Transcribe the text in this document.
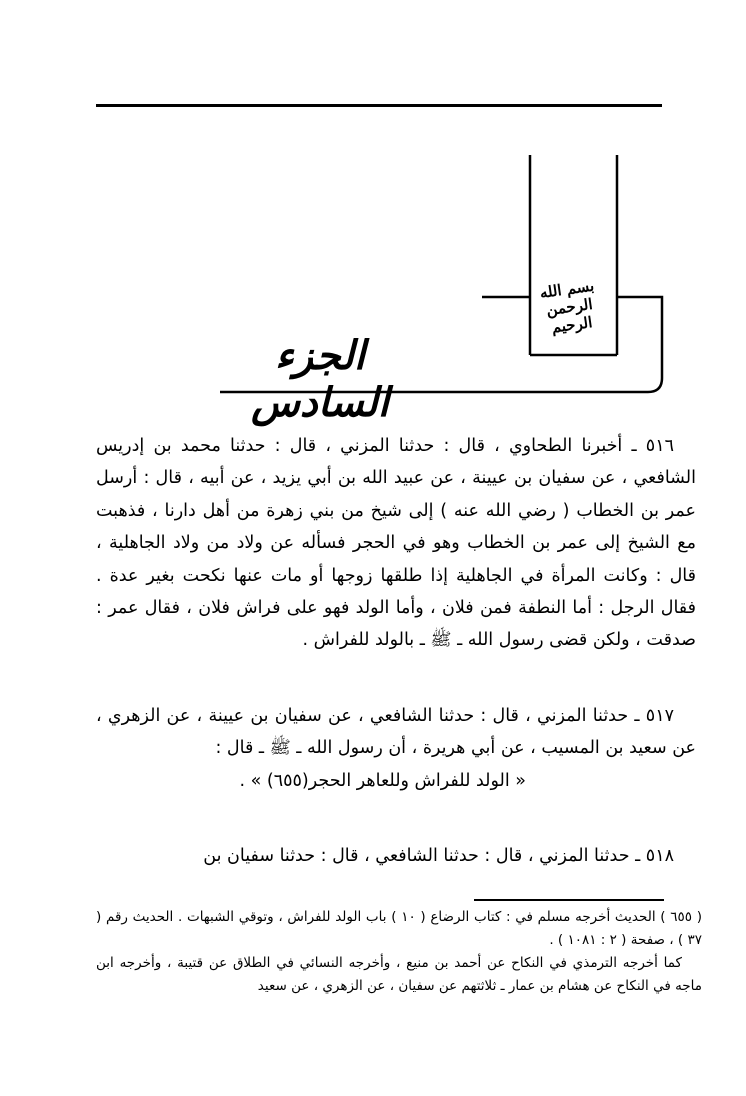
بسم الله الرحمن الرحيم
الجزء السادس

٥١٦ ـ أخبرنا الطحاوي ، قال : حدثنا المزني ، قال : حدثنا محمد بن إدريس الشافعي ، عن سفيان بن عيينة ، عن عبيد الله بن أبي يزيد ، عن أبيه ، قال : أرسل عمر بن الخطاب ( رضي الله عنه ) إلى شيخ من بني زهرة من أهل دارنا ، فذهبت مع الشيخ إلى عمر بن الخطاب وهو في الحجر فسأله عن ولاد من ولاد الجاهلية ، قال : وكانت المرأة في الجاهلية إذا طلقها زوجها أو مات عنها نكحت بغير عدة . فقال الرجل : أما النطفة فمن فلان ، وأما الولد فهو على فراش فلان ، فقال عمر : صدقت ، ولكن قضى رسول الله ـ ﷺ ـ بالولد للفراش .

٥١٧ ـ حدثنا المزني ، قال : حدثنا الشافعي ، عن سفيان بن عيينة ، عن الزهري ، عن سعيد بن المسيب ، عن أبي هريرة ، أن رسول الله ـ ﷺ ـ قال :

« الولد للفراش وللعاهر الحجر(٦٥٥) » .

٥١٨ ـ حدثنا المزني ، قال : حدثنا الشافعي ، قال : حدثنا سفيان بن

( ٦٥٥ ) الحديث أخرجه مسلم في : كتاب الرضاع ( ١٠ ) باب الولد للفراش ، وتوقي الشبهات . الحديث رقم ( ٣٧ ) ، صفحة ( ٢ : ١٠٨١ ) .

كما أخرجه الترمذي في النكاح عن أحمد بن منيع ، وأخرجه النسائي في الطلاق عن قتيبة ، وأخرجه ابن ماجه في النكاح عن هشام بن عمار ـ ثلاثتهم عن سفيان ، عن الزهري ، عن سعيد
